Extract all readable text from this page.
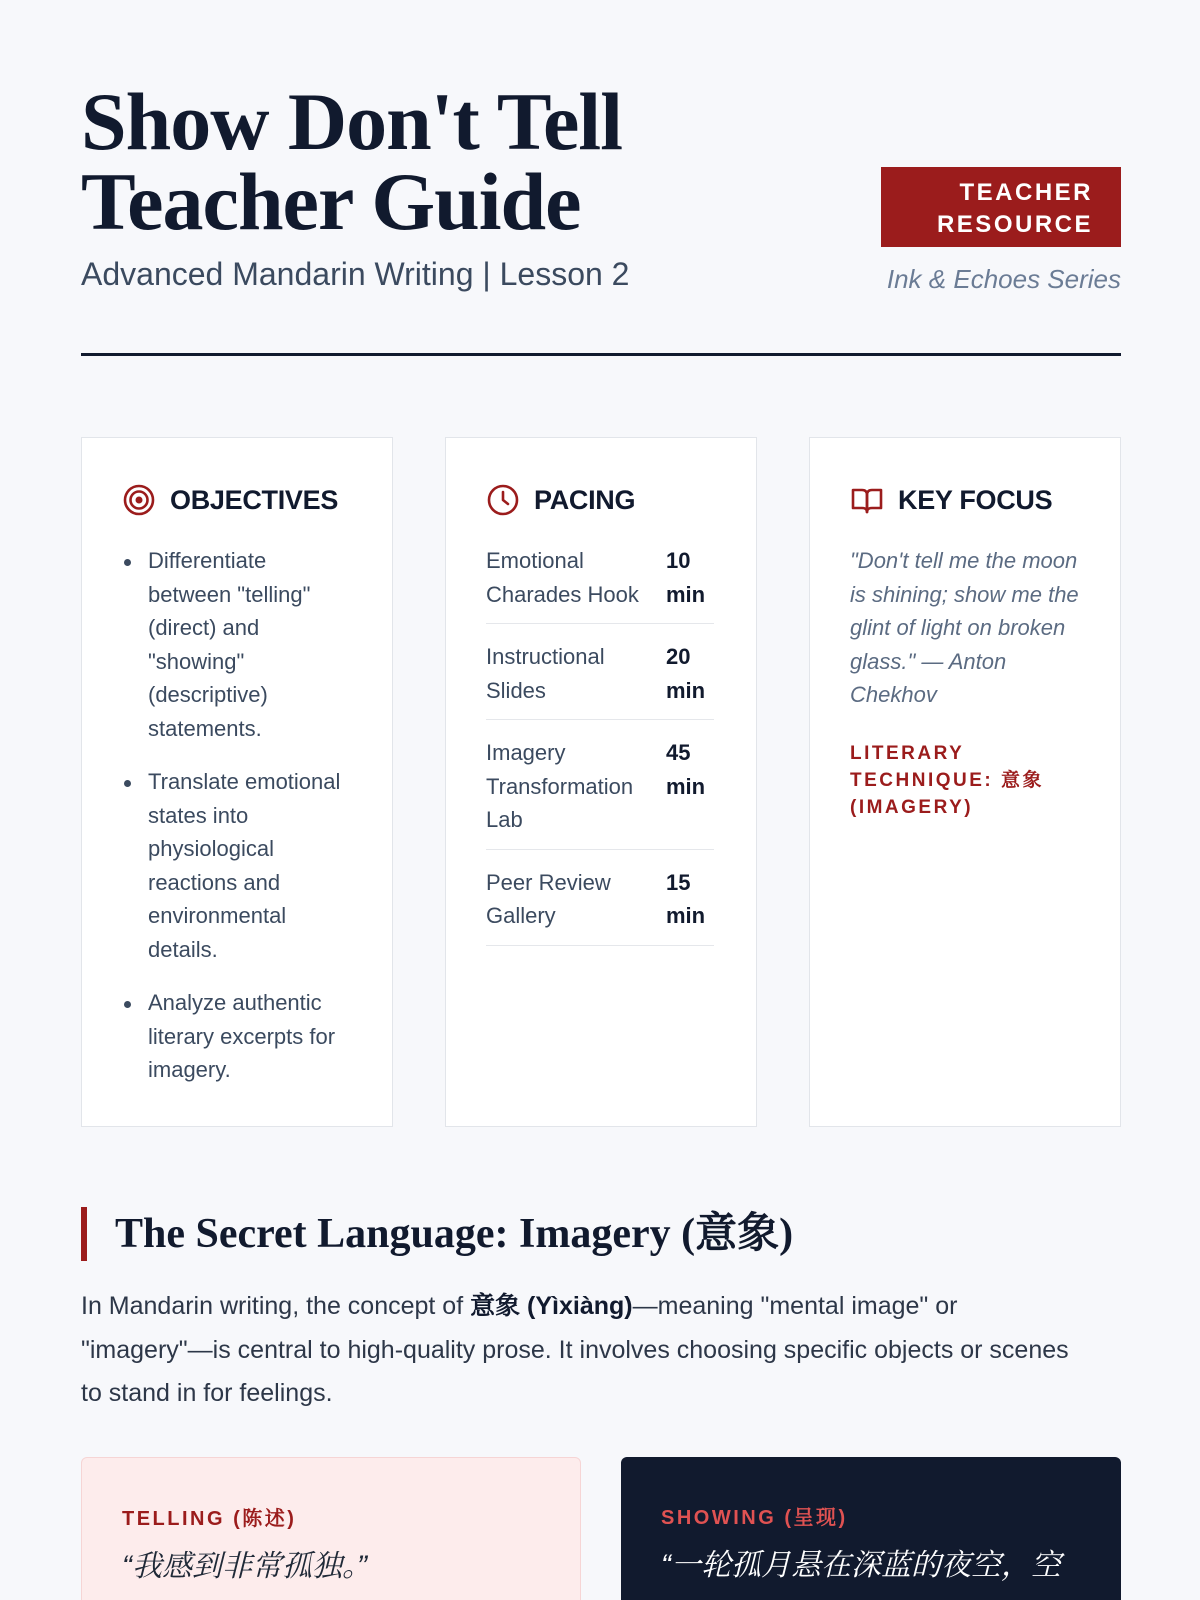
Show Don't Tell
Teacher Guide
Advanced Mandarin Writing | Lesson 2
TEACHER
RESOURCE
Ink & Echoes Series
OBJECTIVES
Differentiate between "telling" (direct) and "showing" (descriptive) statements.
Translate emotional states into physiological reactions and environmental details.
Analyze authentic literary excerpts for imagery.
PACING
Emotional Charades Hook
10 min
Instructional Slides
20 min
Imagery Transformation Lab
45 min
Peer Review Gallery
15 min
KEY FOCUS

"Don't tell me the moon is shining; show me the glint of light on broken glass." — Anton Chekhov

LITERARY TECHNIQUE: 意象 (IMAGERY)
The Secret Language: Imagery (意象)

In Mandarin writing, the concept of 意象 (Yìxiàng)—meaning "mental image" or "imagery"—is central to high-quality prose. It involves choosing specific objects or scenes to stand in for feelings.

TELLING (陈述)
“我感到非常孤独。”
SHOWING (呈现)
“一轮孤月悬在深蓝的夜空，空
